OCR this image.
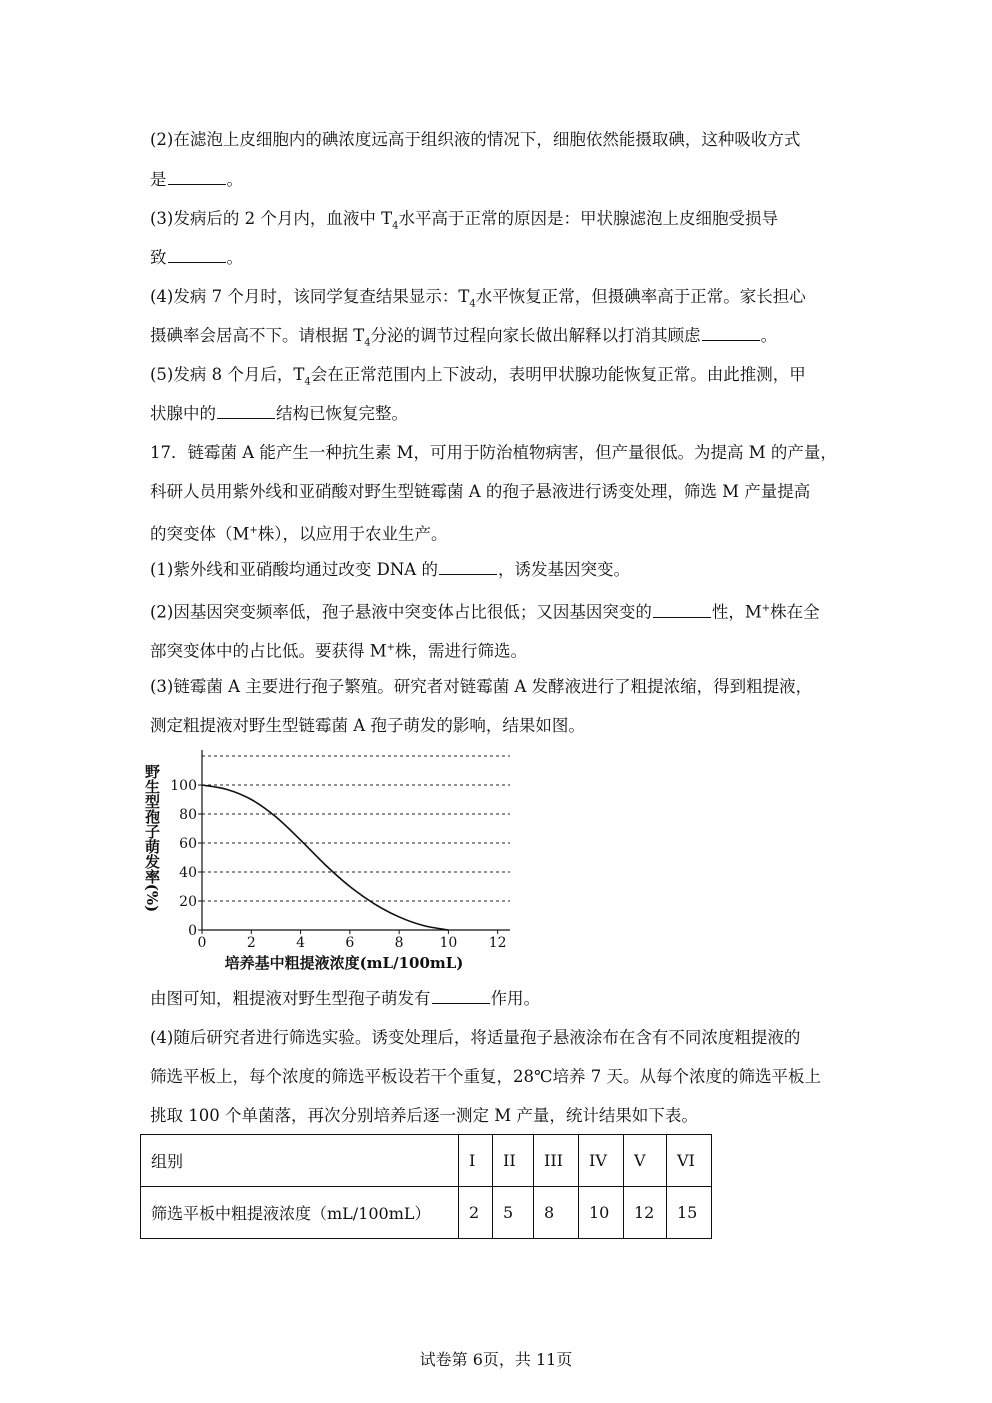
(2)在滤泡上皮细胞内的碘浓度远高于组织液的情况下，细胞依然能摄取碘，这种吸收方式
是	。
(3)发病后的 2 个月内，血液中 $T_4$水平高于正常的原因是：甲状腺滤泡上皮细胞受损导
致	。
(4)发病 7 个月时，该同学复查结果显示：$T_4$水平恢复正常，但摄碘率高于正常。家长担心
摄碘率会居高不下。请根据 $T_4$分泌的调节过程向家长做出解释以打消其顾虑	。
(5)发病 8 个月后，$T_4$会在正常范围内上下波动，表明甲状腺功能恢复正常。由此推测，甲
状腺中的	结构已恢复完整。
17．链霉菌 A 能产生一种抗生素 M，可用于防治植物病害，但产量很低。为提高 M 的产量，
科研人员用紫外线和亚硝酸对野生型链霉菌 A 的孢子悬液进行诱变处理，筛选 M 产量提高
的突变体（M+株），以应用于农业生产。
(1)紫外线和亚硝酸均通过改变 DNA 的	，诱发基因突变。
(2)因基因突变频率低，孢子悬液中突变体占比很低；又因基因突变的	性，M+株在全
部突变体中的占比低。要获得 M+株，需进行筛选。
(3)链霉菌 A 主要进行孢子繁殖。研究者对链霉菌 A 发酵液进行了粗提浓缩，得到粗提液，
测定粗提液对野生型链霉菌 A 孢子萌发的影响，结果如图。
0
20
40
60
80
100
0	2	4	6	8	10 12
培养基中粗提液浓度(mL/100mL)
野生型孢子萌发率(%)
由图可知，粗提液对野生型孢子萌发有	作用。
(4)随后研究者进行筛选实验。诱变处理后，将适量孢子悬液涂布在含有不同浓度粗提液的
筛选平板上，每个浓度的筛选平板设若干个重复，28℃培养 7 天。从每个浓度的筛选平板上
挑取 100 个单菌落，再次分别培养后逐一测定 M 产量，统计结果如下表。
组别	I	II	III	IV	V	VI
筛选平板中粗提液浓度（mL/100mL）	2	5	8	10	12	15
试卷第 6页，共 11页
